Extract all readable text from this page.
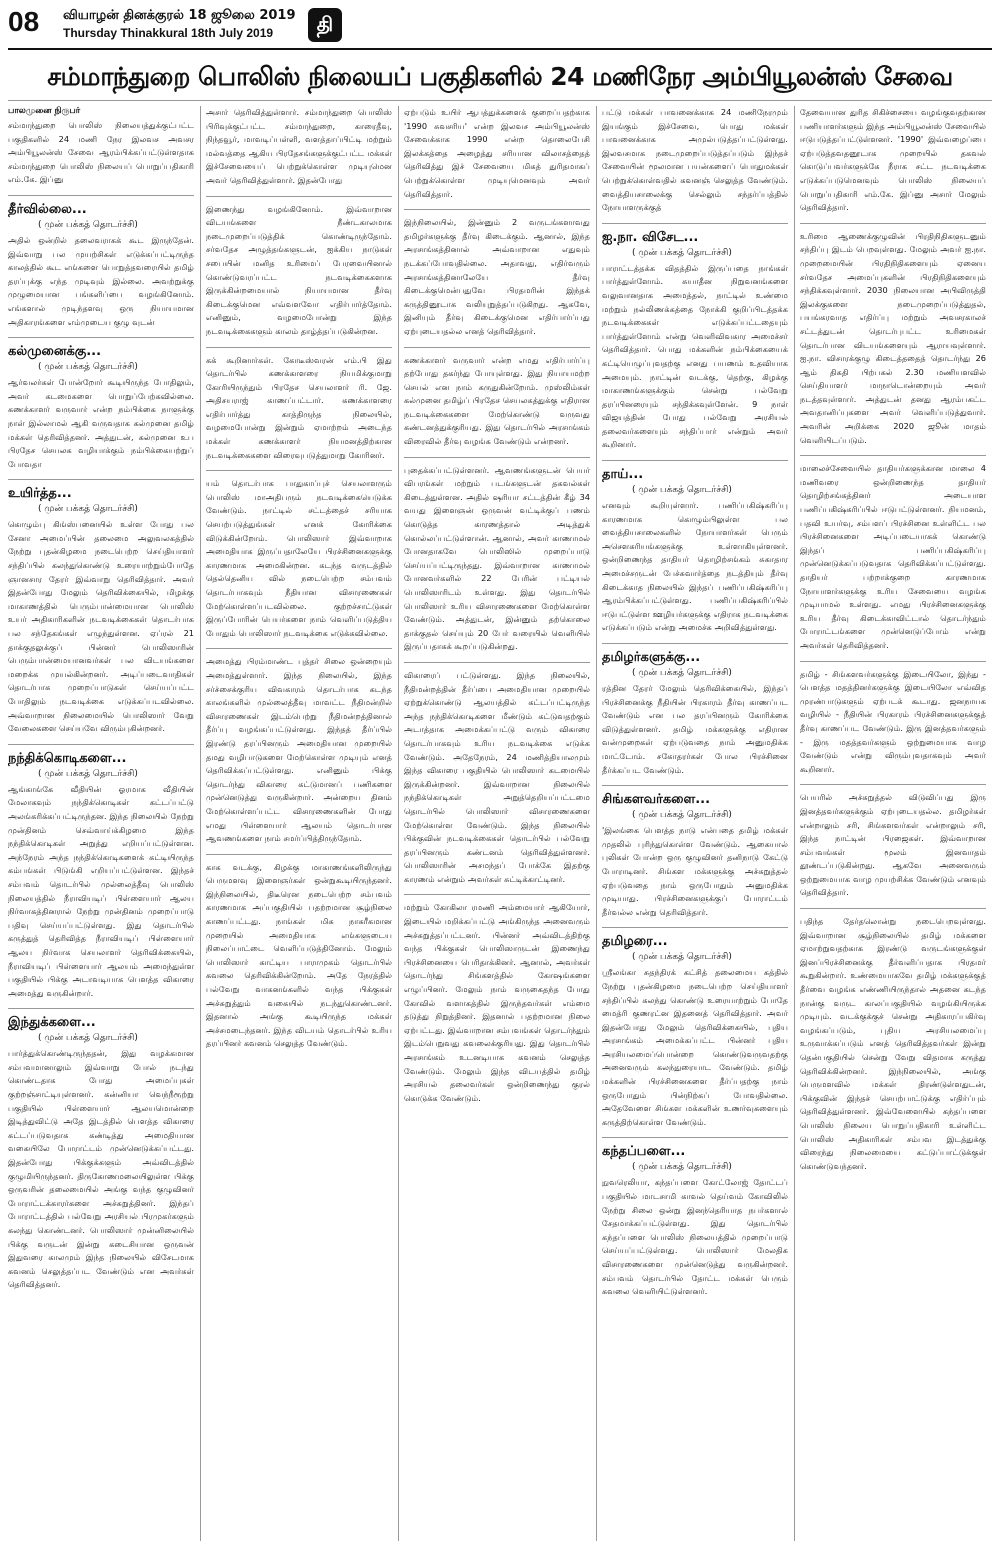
08 வியாழன் தினக்குரல் 18 ஜூலை 2019
Thursday Thinakkural 18th July 2019	தி
சம்மாந்துறை பொலிஸ் நிலையப் பகுதிகளில் 24 மணிநேர அம்பியூலன்ஸ் சேவை
பாலமுனை நிருபர்

சம்மாந்துறை பொலிஸ் நிலையத்துக்குட்பட்ட பகுதிகளில் 24 மணி நேர இலவச அவசர அம்பியூலன்ஸ் சேவை ஆரம்பிக்கப்பட்டுள்ளதாக சம்மாந்துறை பொலிஸ் நிலையப் பொறுப்பதிகாரி எம்.கே. இப்னு

தீர்வில்லை...
( முன் பக்கத் தொடர்ச்சி)

அதில் ஒன்றில் தலைவராகக் கூட இருந்தேன். இவ்வாறு பல முயற்சிகள் எடுக்கப்பட்டிருந்த காலத்தில் கூட எங்களை பொறுத்தவரையில் தமிழ் தரப்புக்கு எந்த முடிவும் இல்லை. அவற்றுக்கு முழுமையான பங்களிப்பை வழங்கினோம். எங்களால் முடிந்தளவு ஒரு நியாயமான அதிகாரங்களை எம்முடைய குழு வுடன்

கல்முனைக்கு...
( முன் பக்கத் தொடர்ச்சி)

ஆர்வலர்கள் போன்றோர் கூடியிருந்த போதிலும், அவர் கடமைகளை பொறுப்பேற்கவில்லை. கணக்காளர் வருவார் என்ற நம்பிக்கை நாளுக்கு நாள் இல்லாமல் ஆகி வருவதாக கல்முனை தமிழ் மக்கள் தெரிவித்தனர். அத்துடன், கல்முனை உப பிரதேச செயலக வழியாக்கும் நம்பிக்கையற்றுப் போவதா

உயிர்த்த...
( முன் பக்கத் தொடர்ச்சி)

கொழும்பு கிங்ஸ்பனையில் உள்ள போது பல சேனா அமைப்பின் தலைமை அலுவலகத்தில் நேற்று புதன்கிழமை நடைபெற்ற செய்தியாளர் சந்திப்பில் கலந்துகொண்டு உரையாற்றும்போதே ஞானசார தேரர் இவ்வாறு தெரிவித்தார். அவர் இதன்போது மேலும் தெரிவிக்கையில், மிழக்கு மாகாணத்தில் பெரும்பான்மையான பொலிஸ் உயர் அதிகாரிகளின் நடவடிக்கைகள் தொடர்பாக பல சந்தேகங்கள் எழுந்துள்ளன. ஏப்ரல் 21 தாக்குதலுக்குப் பின்னர் பொலிஸாரின் பெரும்பான்மையானவர்கள் பல விடயங்களை மறைக்க முயல்கின்றனர். அடிப்படைவாதிகள் தொடர்பாக முறைப்பாடுகள் செய்யப்பட்ட போதிலும் நடவடிக்கை எடுக்கப்படவில்லை. அவ்வாறான நிலைமையில் பொலிஸார் வேறு வேலைகளை செய்யவே விரும்புகின்றனர்.

நந்திக்கொடிகளை...
( முன் பக்கத் தொடர்ச்சி)

ஆங்காங்கே வீதியின் ஓரமாக வீதியின் மேலாகவும் நந்திக்கொடிகள் கட்டப்பட்டு அலங்கரிக்கப்பட்டிருந்தன. இந்த நிலையில் நேற்று முன்தினம் செவ்வாய்க்கிழமை இந்த நந்திக்கொடிகள் அறுத்து எறியப்பட்டுள்ளன. அந்நேரம் அந்த நந்திக்கொடிகளைக் கட்டியிருந்த கம்பங்கள் பிடுங்கி எறியப்பட்டுள்ளன. இந்தச் சம்பவம் தொடர்பில் முல்லைத்தீவு பொலிஸ் நிலையத்தில் நீராவியடிப் பிள்ளையார் ஆலய நிர்வாகத்தினரால் நேற்று முன்தினம் முறைப்பாடு பதிவு செய்யப்பட்டுள்ளது. இது தொடர்பில் கருத்துத் தெரிவித்த நீராவியடிப் பிள்ளையார் ஆலய நிர்வாக செயலாளர் தெரிவிக்கையில், நீராவியடிப் பிள்ளையார் ஆலயம் அமைந்துள்ள பகுதியில் பிக்கு அடாவடியாக பௌத்த விகாரை அமைத்து வருகின்றார்.

இந்துக்களை...
( முன் பக்கத் தொடர்ச்சி)

பார்த்துக்கொண்டிருந்ததன், இது வழக்கமான சம்பவமானாலும் இவ்வாறு போல் நடந்து கொண்டதாக போது அமைப்புகள் குற்றஞ்சாட்டியுள்ளனர். கன்னியா வெந்நீரூற்று பகுதியில் பிள்ளையார் ஆலயமொன்றை இடித்துவிட்டு அதே இடத்தில் பௌத்த விகாரை கட்டப்படுவதாக கண்டித்து அமைதியான வகையிலே போராட்டம் முன்னெடுக்கப்பட்டது. இதன்போது பிக்குக்களும் அவ்விடத்தில் குழுமியிருந்தனர். திருகோணமலையிலுள்ள பிக்கு ஒருவரின் தலைமையில் அங்கு வந்த குழுவினர் போராட்டக்காரர்களை அச்சுறுத்தினர். இந்தப் போராட்டத்தில் பல்வேறு அரசியல் பிரமுகர்களும் கலந்து கொண்டனர். பொலிஸார் முன்னிலையில் பிக்கு வருடன் இன்று கடைசியான ஒருவன் இதுவரை காலமும் இந்த நிலையில் விசேடமாக கவனம் செலுத்தப்பட வேண்டும் என அவர்கள் தெரிவித்தனர்.

அசார் தெரிவித்துள்ளார். சம்மாந்துறை பொலிஸ் பிரிவுக்குட்பட்ட சம்மாந்துறை, காரைதீவு, நிந்தவூர், மாவடிப்பள்ளி, வளத்தாப்பிட்டி மற்றும் மல்வத்தை ஆகிய பிரதேசங்களுக்குட்பட்ட மக்கள் இச்சேவையைப் பெற்றுக்கொள்ள முடியுமென அவர் தெரிவித்துள்ளார். இதன்போது

இணைந்து வழங்கினோம். இவ்வாறான விடயங்களை நீண்டகாலமாக நடைமுறைப்படுத்திக் கொண்டிருந்தோம். சர்வதேச அழுத்தங்களுடன், ஐக்கிய நாடுகள் சபையின் மனித உரிமைப் பேரவையினால் கொண்டுவரப்பட்ட நடவடிக்கைகளாக இருக்கின்றமையால் நியாயமான தீர்வு கிடைக்குமென எவ்வளவோ எதிர்பார்த்தோம். எனினும், வழமைபோன்று இந்த நடவடிக்கைகளும் காலம் தாழ்த்தப்படுகின்றன.

கக் கூறினார்கள். கோடீஸ்வரன் எம்.பி இது தொடர்பில் கணக்காளரை நியமிக்குமாறு கோரியிருந்தும் பிரதேச செயலாளர் ரி. ஜே. அதிசயராஜ் காணப்பட்டார். கணக்காளரை எதிர்பார்த்து காத்திருந்த நிலையில், வழமைபோன்று இன்றும் ஏமாற்றம் அடைந்த மக்கள் கணக்காளர் நியமனத்திற்கான நடவடிக்கைகளை விரைவுபடுத்துமாறு கோரினர்.

யம் தொடர்பாக பாதுகாப்புச் செயலாளரும் பொலிஸ் மாஅதிபரும் நடவடிக்கையெடுக்க வேண்டும். நாட்டில் சட்டத்தைச் சரியாக செயற்படுத்துங்கள் எனக் கோரிக்கை விடுக்கின்றோம். பொலிஸார் இவ்வாறாக அமைதியாக இருப்பதாலேயே பிரச்சினைகளுக்கு காரணமாக அமைகின்றன. கடந்த வருடத்தில் தெல்தெனிய வில் நடைபெற்ற சம்பவம் தொடர்பாகவும் நீதியான விசாரணைகள் மேற்கொள்ளப்படவில்லை. குற்றச்சாட்டுகள் இருப்போரின் பெயர்களை நாம் வெளிப்படுத்திய போதும் பொலிஸார் நடவடிக்கை எடுக்கவில்லை.

அமைத்து பிரம்மாண்ட புத்தர் சிலை ஒன்றையும் அமைத்துள்ளார். இந்த நிலையில், இந்த சர்ச்சைக்குரிய விவகாரம் தொடர்பாக கடந்த காலங்களில் முல்லைத்தீவு மாவட்ட நீதிமன்றில் விசாரணைகள் இடம்பெற்று நீதிமன்றத்தினால் தீர்ப்பு வழங்கப்பட்டுள்ளது. இந்தத் தீர்ப்பில் இரண்டு தரப்பினரும் அமைதியான முறையில் தமது வழிபாடுகளை மேற்கொள்ள முடியும் எனத் தெரிவிக்கப்பட்டுள்ளது. எனினும் பிக்கு தொடர்ந்து விகாரை கட்டுமானப் பணிகளை முன்னெடுத்து வருகின்றார். அன்றைய தினம் மேற்கொள்ளப்பட்ட விசாரணைகளின் போது எமது பிள்ளையார் ஆலயம் தொடர்பான ஆவணங்களை நாம் சமர்ப்பித்திருந்தோம்.

காக வடக்கு, கிழக்கு மாகாணங்களிலிருந்து பெருமளவு இளைஞர்கள் ஒன்றுகூடியிருந்தனர். இந்நிலையில், திடீரென நடைபெற்ற சம்பவம் காரணமாக அப்பகுதியில் பதற்றமான சூழ்நிலை காணப்பட்டது. நாங்கள் மிக நாகரீகமான முறையில் அமைதியாக எங்களுடைய நிலைப்பாட்டை வெளிப்படுத்தினோம். மேலும் பொலிஸார் காட்டிய பாராமுகம் தொடர்பில் கவலை தெரிவிக்கின்றோம். அதே நேரத்தில் பல்வேறு வாகனங்களில் வந்த பிக்குகள் அச்சுறுத்தும் வகையில் நடந்துகொண்டனர். இதனால் அங்கு கூடியிருந்த மக்கள் அச்சமடைந்தனர். இந்த விடயம் தொடர்பில் உரிய தரப்பினர் கவனம் செலுத்த வேண்டும்.

ஏற்படும் உயிர் ஆபத்துக்களைக் குறைப்பதற்காக '1990 சுவசரிய' என்ற இலவச அம்பியூலன்ஸ் சேவைக்காக 1990 என்ற தொலைபேசி இலக்கத்தை அழைத்து சரியான விலாசத்தைத் தெரிவித்து இச் சேவையை மிகத் துரிதமாகப் பெற்றுக்கொள்ள முடியுமெனவும் அவர் தெரிவித்தார்.

இந்நிலையில், இன்னும் 2 வருடங்களாவது தமிழர்களுக்கு தீர்வு கிடைக்கும். ஆனால், இந்த அரசாங்கத்தினால் அவ்வாறான எதுவும் நடக்கப்போவதில்லை. அதாவது, எதிர்வரும் அரசாங்கத்தினாலேயே தீர்வு கிடைக்குமென்பதுவே பிரதமரின் இந்தக் கருத்தினூடாக வலியுறுத்தப்படுகிறது. ஆகவே, இனியும் தீர்வு கிடைக்குமென எதிர்பார்ப்பது ஏற்புடையதல்ல எனத் தெரிவித்தார்.

கணக்காளர் வருவார் என்ற எமது எதிர்பார்ப்பு தற்போது தகர்ந்து போயுள்ளது. இது நியாயமற்ற செயல் என நாம் கருதுகின்றோம். முஸ்லிம்கள் கல்முனை தமிழ்ப் பிரதேச செயலகத்துக்கு எதிரான நடவடிக்கைகளை மேற்கொண்டு வருவது கண்டனத்துக்குரியது. இது தொடர்பில் அரசாங்கம் விரைவில் தீர்வு வழங்க வேண்டும் என்றனர்.

புதைக்கப்பட்டுள்ளனர். ஆவணங்களுடன் பெயர் விபரங்கள் மற்றும் படங்களுடன் தகவல்கள் கிடைத்துள்ளன. அதில் ஷரியா சட்டத்தின் கீழ் 34 வயது இளைஞன் ஒருவன் வட்டிக்குப் பணம் கொடுத்த காரணத்தால் அடித்துக் கொல்லப்பட்டுள்ளான். ஆனால், அவர் காணாமல் போனதாகவே பொலிஸில் முறைப்பாடு செய்யப்பட்டிருந்தது. இவ்வாறான காணாமல் போனவர்களில் 22 பேரின் பட்டியல் பொலிஸாரிடம் உள்ளது. இது தொடர்பில் பொலிஸார் உரிய விசாரணைகளை மேற்கொள்ள வேண்டும். அத்துடன், இன்னும் தற்கொலை தாக்குதல் செய்யும் 20 பேர் வரையில் வெளியில் இருப்பதாகக் கூறப்படுகின்றது.

விகாரைப் பட்டுள்ளது. இந்த நிலையில், நீதிமன்றத்தின் தீர்ப்பை அமைதியான முறையில் ஏற்றுக்கொண்டு ஆலயத்தில் கட்டப்பட்டிருந்த அந்த நந்திக்கொடிகளை மீண்டும் கட்டுவதற்கும் அடாத்தாக அமைக்கப்பட்டு வரும் விகாரை தொடர்பாகவும் உரிய நடவடிக்கை எடுக்க வேண்டும். அதேநேரம், 24 மணித்தியாலமும் இந்த விகாரை பகுதியில் பொலிஸார் கடமையில் இருக்கின்றனர். இவ்வாறான நிலையில் நந்திக்கொடிகள் அறுத்தெறியப்பட்டமை தொடர்பில் பொலிஸார் விசாரணைகளை மேற்கொள்ள வேண்டும். இந்த நிலையில் பிக்குவின் நடவடிக்கைகள் தொடர்பில் பல்வேறு தரப்பினரும் கண்டனம் தெரிவித்துள்ளனர். பொலிஸாரின் அசமந்தப் போக்கே இதற்கு காரணம் என்றும் அவர்கள் சுட்டிக்காட்டினர்.

மற்றும் கோகிலா ரமணி அம்மையார் ஆகியோர், இடையில் மறிக்கப்பட்டு அங்கிருந்த அனைவரும் அச்சுறுத்தப்பட்டனர். பின்னர் அவ்விடத்திற்கு வந்த பிக்குகள் பொலிஸாருடன் இணைந்து பிரச்சினையை பெரிதாக்கினர். ஆனால், அவர்கள் தொடர்ந்து சிங்களத்தில் கோஷங்களை எழுப்பினர். மேலும் நாம் வருகைதந்த போது கோவில் வளாகத்தில் இருந்தவர்கள் எம்மை தடுத்து நிறுத்தினர். இதனால் பதற்றமான நிலை ஏற்பட்டது. இவ்வாறான சம்பவங்கள் தொடர்ந்தும் இடம்பெறுவது கவலைக்குரியது. இது தொடர்பில் அரசாங்கம் உடனடியாக கவனம் செலுத்த வேண்டும். மேலும் இந்த விடயத்தில் தமிழ் அரசியல் தலைவர்கள் ஒன்றிணைந்து குரல் கொடுக்க வேண்டும்.

பட்டு மக்கள் பாவனைக்காக 24 மணிநேரமும் இயங்கும் இச்சேவை, பொது மக்கள் பாவனைக்காக அமுல்படுத்தப்பட்டுள்ளது. இலவசமாக நடைமுறைப்படுத்தப்படும் இந்தச் சேவையின் மூலமான பயன்களைப் பொதுமக்கள் பெற்றுக்கொள்வதில் கவனஞ் செலுத்த வேண்டும். வைத்தியசாலைக்கு செல்லும் சந்தர்ப்பத்தில் நோயாளருக்குத்

ஐ.நா. விசேட...
( முன் பக்கத் தொடர்ச்சி)

பாராட்டத்தக்க விதத்தில் இருப்பதை நாங்கள் பார்த்துள்ளோம். சுயாதீன நிறுவனங்களை வலுவானதாக அமைத்தல், நாட்டில் உண்மை மற்றும் நல்லிணக்கத்தை நோக்கி குறிப்பிடத்தக்க நடவடிக்கைகள் எடுக்கப்பட்டதையும் பார்த்துள்ளோம் என்று வெளிவிவகார அமைச்சர் தெரிவித்தார். பொது மக்களின் நம்பிக்கையைக் கட்டியெழுப்புவதற்கு எனது பயணம் உதவியாக அமையும். நாட்டின் வடக்கு, தெற்கு, கிழக்கு மாகாணங்களுக்கும் சென்று பல்வேறு தரப்பினரையும் சந்திக்கவுள்ளேன். 9 நாள் விஜயத்தின் போது பல்வேறு அரசியல் தலைவர்களையும் சந்திப்பார் என்றும் அவர் கூறினார்.

தாய்...
( முன் பக்கத் தொடர்ச்சி)

எனவும் கூறியுள்ளார். பணிப்பகிஷ்கரிப்பு காரணமாக கொழும்பிலுள்ள பல வைத்தியசாலைகளில் நோயாளர்கள் பெரும் அசௌகரியங்களுக்கு உள்ளாகியுள்ளனர். ஒன்றிணைந்த தாதியர் தொழிற்சங்கம் சுகாதார அமைச்சருடன் பேச்சுவார்த்தை நடத்தியும் தீர்வு கிடைக்காத நிலையில் இந்தப் பணிப்பகிஷ்கரிப்பு ஆரம்பிக்கப்பட்டுள்ளது. பணிப்பகிஷ்கரிப்பில் ஈடுபட்டுள்ள ஊழியர்களுக்கு எதிராக நடவடிக்கை எடுக்கப்படும் என்று அமைச்சு அறிவித்துள்ளது.

தமிழர்களுக்கு...
( முன் பக்கத் தொடர்ச்சி)

ரத்தின தேரர் மேலும் தெரிவிக்கையில், இந்தப் பிரச்சினைக்கு நீதியின் பிரகாரம் தீர்வு காணப்பட வேண்டும் என பல தரப்பினரும் கோரிக்கை விடுத்துள்ளனர். தமிழ் மக்களுக்கு எதிரான வன்முறைகள் ஏற்படுவதை நாம் அனுமதிக்க மாட்டோம். சகோதரர்கள் போல பிரச்சினை தீர்க்கப்பட வேண்டும்.

சிங்களவர்களை...
( முன் பக்கத் தொடர்ச்சி)

'இலங்கை பௌத்த நாடு என்பதை தமிழ் மக்கள் முதலில் புரிந்துகொள்ள வேண்டும். ஆகையால் புலிகள் போன்ற ஒரு குழுவினர் தனிநாடு கேட்டு போராடினர். சிங்கள மக்களுக்கு அச்சுறுத்தல் ஏற்படுவதை நாம் ஒருபோதும் அனுமதிக்க முடியாது. பிரச்சினைகளுக்குப் போராட்டம் தீர்வல்ல என்று தெரிவித்தார்.

தமிழரை...
( முன் பக்கத் தொடர்ச்சி)

ஸ்ரீலங்கா சுதந்திரக் கட்சித் தலைமைய கத்தில் நேற்று புதன்கிழமை நடைபெற்ற செய்தியாளர் சந்திப்பில் கலந்து கொண்டு உரையாற்றும் போதே மைத்ரி குணரட்ன இதனைத் தெரிவித்தார். அவர் இதன்போது மேலும் தெரிவிக்கையில், புதிய அரசாங்கம் அமைக்கப்பட்ட பின்னர் புதிய அரசியலமைப்பொன்றை கொண்டுவருவதற்கு அனைவரும் கலந்துரையாட வேண்டும். தமிழ் மக்களின் பிரச்சினைகளை தீர்ப்பதற்கு நாம் ஒருபோதும் பின்நிற்கப் போவதில்லை. அதேவேளை சிங்கள மக்களின் உணர்வுகளையும் கருத்திற்கொள்ள வேண்டும்.

கந்தப்பளை...
( முன் பக்கத் தொடர்ச்சி)

நுவரெலியா, கந்தப்பளை கோட்லோஜ் தோட்டப் பகுதியில் மாடசாமி காவல் தெய்வம் கோவிலில் நேற்று சிலை ஒன்று இனந்தெரியாத நபர்களால் சேதமாக்கப்பட்டுள்ளது. இது தொடர்பில் கந்தப்பளை பொலிஸ் நிலையத்தில் முறைப்பாடு செய்யப்பட்டுள்ளது. பொலிஸார் மேலதிக விசாரணைகளை முன்னெடுத்து வருகின்றனர். சம்பவம் தொடர்பில் தோட்ட மக்கள் பெரும் கவலை வெளியிட்டுள்ளனர்.

தேவையான துரித சிகிச்சையை வழங்குவதற்கான பணியாளர்களும் இந்த அம்பியூலன்ஸ் சேவையில் ஈடுபடுத்தப்பட்டுள்ளனர். '1990' இவ்வழைப்பை ஏற்படுத்தவதனூடாக முறையில் தகவல் கொடுப்பவர்களுக்கே நீராக சட்ட நடவடிக்கை எடுக்கப்படுமெனவும் பொலிஸ் நிலையப் பொறுப்பதிகாரி எம்.கே. இப்னு அசார் மேலும் தெரிவித்தார்.

உரிமை ஆணைக்குழுவின் பிரதிநிதிகளுடனும் சந்திப்பு இடம் பெறவுள்ளது. மேலும் அவர் ஐ.நா. முறைமையின் பிரதிநிதிகளையும் ஏனைய சர்வதேச அமைப்புகளின் பிரதிநிதிகளையும் சந்திக்கவுள்ளார். 2030 நிலையான அபிவிருத்தி இலக்குகளை நடைமுறைப்படுத்துதல், பயங்கரவாத எதிர்ப்பு மற்றும் அவசரகாலச் சட்டத்துடன் தொடர்புபட்ட உரிமைகள் தொடர்பான விடயங்களையும் ஆராயவுள்ளார். ஐ.நா. விசாரக்குழு கிடைத்ததைத் தொடர்ந்து 26 ஆம் திகதி பிற்பகல் 2.30 மணியளவில் செய்தியாளர் மாநாடொன்றையும் அவர் நடத்தவுள்ளார். அத்துடன் தனது ஆரம்பகட்ட அவதானிப்புகளை அவர் வெளிப்படுத்துவார். அவரின் அறிக்கை 2020 ஜூன் மாதம் வெளியிடப்படும்.

மாலைச்சேவையில் தாதியர்களுக்கான மாலை 4 மணிவரை ஒன்றிணைந்த தாதியர் தொழிற்சங்கத்தினர் அடையாள பணிப்பகிஷ்கரிப்பில் ஈடுபட்டுள்ளனர். நியமனம், பதவி உயர்வு, சம்பளப் பிரச்சினை உள்ளிட்ட பல பிரச்சினைகளை அடிப்படையாகக் கொண்டு இந்தப் பணிப்பகிஷ்கரிப்பு முன்னெடுக்கப்படுவதாக தெரிவிக்கப்பட்டுள்ளது. தாதியர் பற்றாக்குறை காரணமாக நோயாளர்களுக்கு உரிய சேவையை வழங்க முடியாமல் உள்ளது. எமது பிரச்சினைகளுக்கு உரிய தீர்வு கிடைக்காவிட்டால் தொடர்ந்தும் போராட்டங்களை முன்னெடுப்போம் என்று அவர்கள் தெரிவித்தனர்.

தமிழ் - சிங்களவர்களுக்கு இடையிலோ, இந்து - பௌத்த மதத்தினர்களுக்கு இடையிலோ எவ்வித முரண்பாடுகளும் ஏற்படக் கூடாது. ஜனநாயக வழியில் - நீதியின் பிரகாரம் பிரச்சினைகளுக்குத் தீர்வு காணப்பட வேண்டும். இரு இனத்தவர்களும் - இரு மதத்தவர்களும் ஒற்றுமையாக வாழ வேண்டும் என்று விரும்புவதாகவும் அவர் கூறினார்.

பெயரில் அச்சுறுத்தல் விடுவிப்பது இரு இனத்தவர்களுக்கும் ஏற்புடையதல்ல. தமிழர்கள் என்றாலும் சரி, சிங்களவர்கள் என்றாலும் சரி, இந்த நாட்டின் பிரஜைகள். இவ்வாறான சம்பவங்கள் மூலம் இனவாதம் தூண்டப்படுகின்றது. ஆகவே அனைவரும் ஒற்றுமையாக வாழ முயற்சிக்க வேண்டும் எனவும் தெரிவித்தார்.

பதிந்த தேர்தலொன்று நடைபெறவுள்ளது. இவ்வாறான சூழ்நிலையில் தமிழ் மக்களை ஏமாற்றுவதற்காக இரண்டு வருடங்களுக்குள் இனப்பிரச்சினைக்கு தீர்வளிப்பதாக பிரதமர் கூறுகின்றார். உண்மையாகவே தமிழ் மக்களுக்குத் தீர்வை வழங்க எண்ணியிருந்தால் அதனை கடந்த நான்கு வருட காலப்பகுதியில் வழங்கியிருக்க முடியும். வடக்குக்குச் சென்று அதிகாரப்பகிர்வு வழங்கப்படும், புதிய அரசியலமைப்பு உருவாக்கப்படும் எனத் தெரிவித்தவர்கள் இன்று தென்பகுதியில் சென்று வேறு விதமாக கருத்து தெரிவிக்கின்றனர். இந்நிலையில், அங்கு பெருமளவில் மக்கள் திரண்டுள்ளதுடன், பிக்குவின் இந்தச் செயற்பாட்டுக்கு எதிர்ப்பும் தெரிவித்துள்ளனர். இவ்வேளையில் கந்தப்பளை பொலிஸ் நிலைய பொறுப்பதிகாரி உள்ளிட்ட பொலிஸ் அதிகாரிகள் சம்பவ இடத்துக்கு விரைந்து நிலைமையை கட்டுப்பாட்டுக்குள் கொண்டுவந்தனர்.
